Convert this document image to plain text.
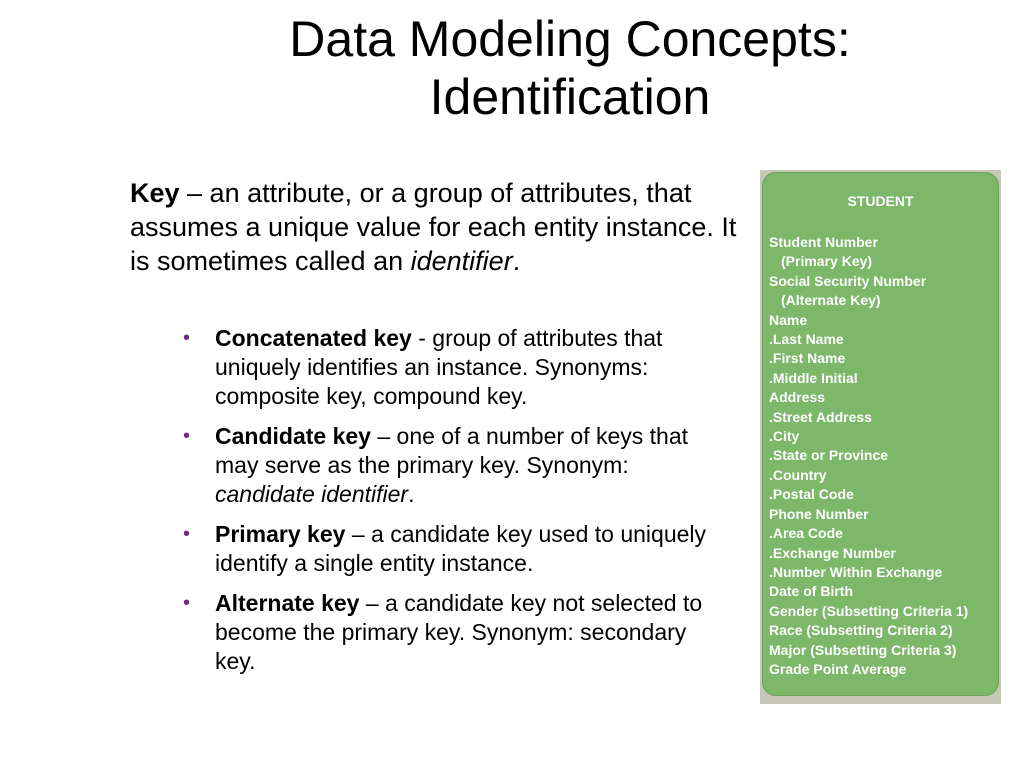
Data Modeling Concepts:
Identification

Key – an attribute, or a group of attributes, that assumes a unique value for each entity instance. It is sometimes called an identifier.

• Concatenated key - group of attributes that uniquely identifies an instance. Synonyms: composite key, compound key.
• Candidate key – one of a number of keys that may serve as the primary key. Synonym: candidate identifier.
• Primary key – a candidate key used to uniquely identify a single entity instance.
• Alternate key – a candidate key not selected to become the primary key. Synonym: secondary key.
STUDENT
Student Number
(Primary Key)
Social Security Number
(Alternate Key)
Name
.Last Name
.First Name
.Middle Initial
Address
.Street Address
.City
.State or Province
.Country
.Postal Code
Phone Number
.Area Code
.Exchange Number
.Number Within Exchange
Date of Birth
Gender (Subsetting Criteria 1)
Race (Subsetting Criteria 2)
Major (Subsetting Criteria 3)
Grade Point Average
